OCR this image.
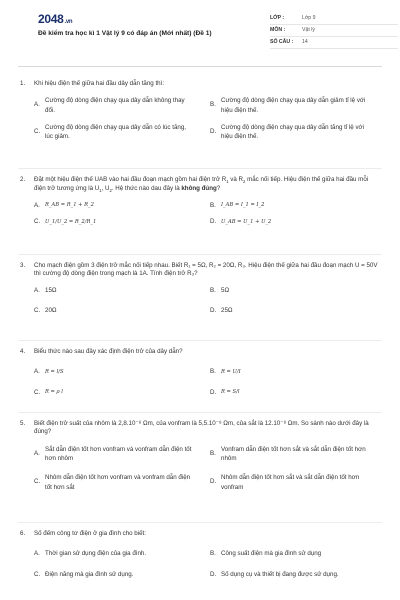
2048.vn
Đề kiểm tra học kì 1 Vật lý 9 có đáp án (Mới nhất) (Đề 1)
LỚP :	Lớp 9
MÔN :	Vật lý
SỐ CÂU :	14
1.	Khi hiệu điện thế giữa hai đầu dây dẫn tăng thì:
A.
Cường độ dòng điện chạy qua dây dẫn không thay đổi.
B.
Cường độ dòng điện chạy qua dây dẫn giảm tỉ lệ với hiệu điện thế.
C.
Cường độ dòng điện chạy qua dây dẫn có lúc tăng, lúc giảm.
D.
Cường độ dòng điện chạy qua dây dẫn tăng tỉ lệ với hiệu điện thế.
2.	Đặt một hiệu điện thế UAB vào hai đầu đoạn mạch gồm hai điện trở $R_1$ và $R_2$ mắc nối tiếp. Hiệu điện thế giữa hai đầu mỗi điện trở tương ứng là $U_1$, $U_2$. Hệ thức nào dau đây là không đúng?
A. R_AB = R_1 + R_2	B. I_AB = I_1 = I_2
C. U_1/U_2 = R_2/R_1	D. U_AB = U_1 + U_2
3.	Cho mạch điện gồm 3 điện trở mắc nối tiếp nhau. Biết R₁ = 5Ω, R₂ = 20Ω, R₃. Hiệu điện thế giữa hai đầu đoạn mạch U = 50V thì cường độ dòng điện trong mạch là 1A. Tính điện trở R₃?
A. 15Ω	B. 5Ω
C. 20Ω	D. 25Ω
4.	Biểu thức nào sau đây xác định điện trở của dây dẫn?
A. R = l/S	B. R = U/I
C. R = ρ l	D. R = S/l
5.	Biết điện trở suất của nhôm là 2,8.10⁻⁸ Ωm, của vonfram là 5,5.10⁻⁸ Ωm, của sắt là 12.10⁻⁸ Ωm. So sánh nào dưới đây là đúng?
A.
Sắt dẫn điện tốt hơn vonfram và vonfram dẫn điện tốt hơn nhôm
B.
Vonfram dẫn điện tốt hơn sắt và sắt dẫn điện tốt hơn nhôm
C.
Nhôm dẫn điện tốt hơn vonfram và vonfram dẫn điện tốt hơn sắt
D.
Nhôm dẫn điện tốt hơn sắt và sắt dẫn điện tốt hơn vonfram
6.	Số đếm công tơ điện ở gia đình cho biết:
A. Thời gian sử dụng điện của gia đình.	B. Công suất điện mà gia đình sử dụng
C. Điện năng mà gia đình sử dụng.	D. Số dụng cụ và thiết bị đang được sử dụng.
